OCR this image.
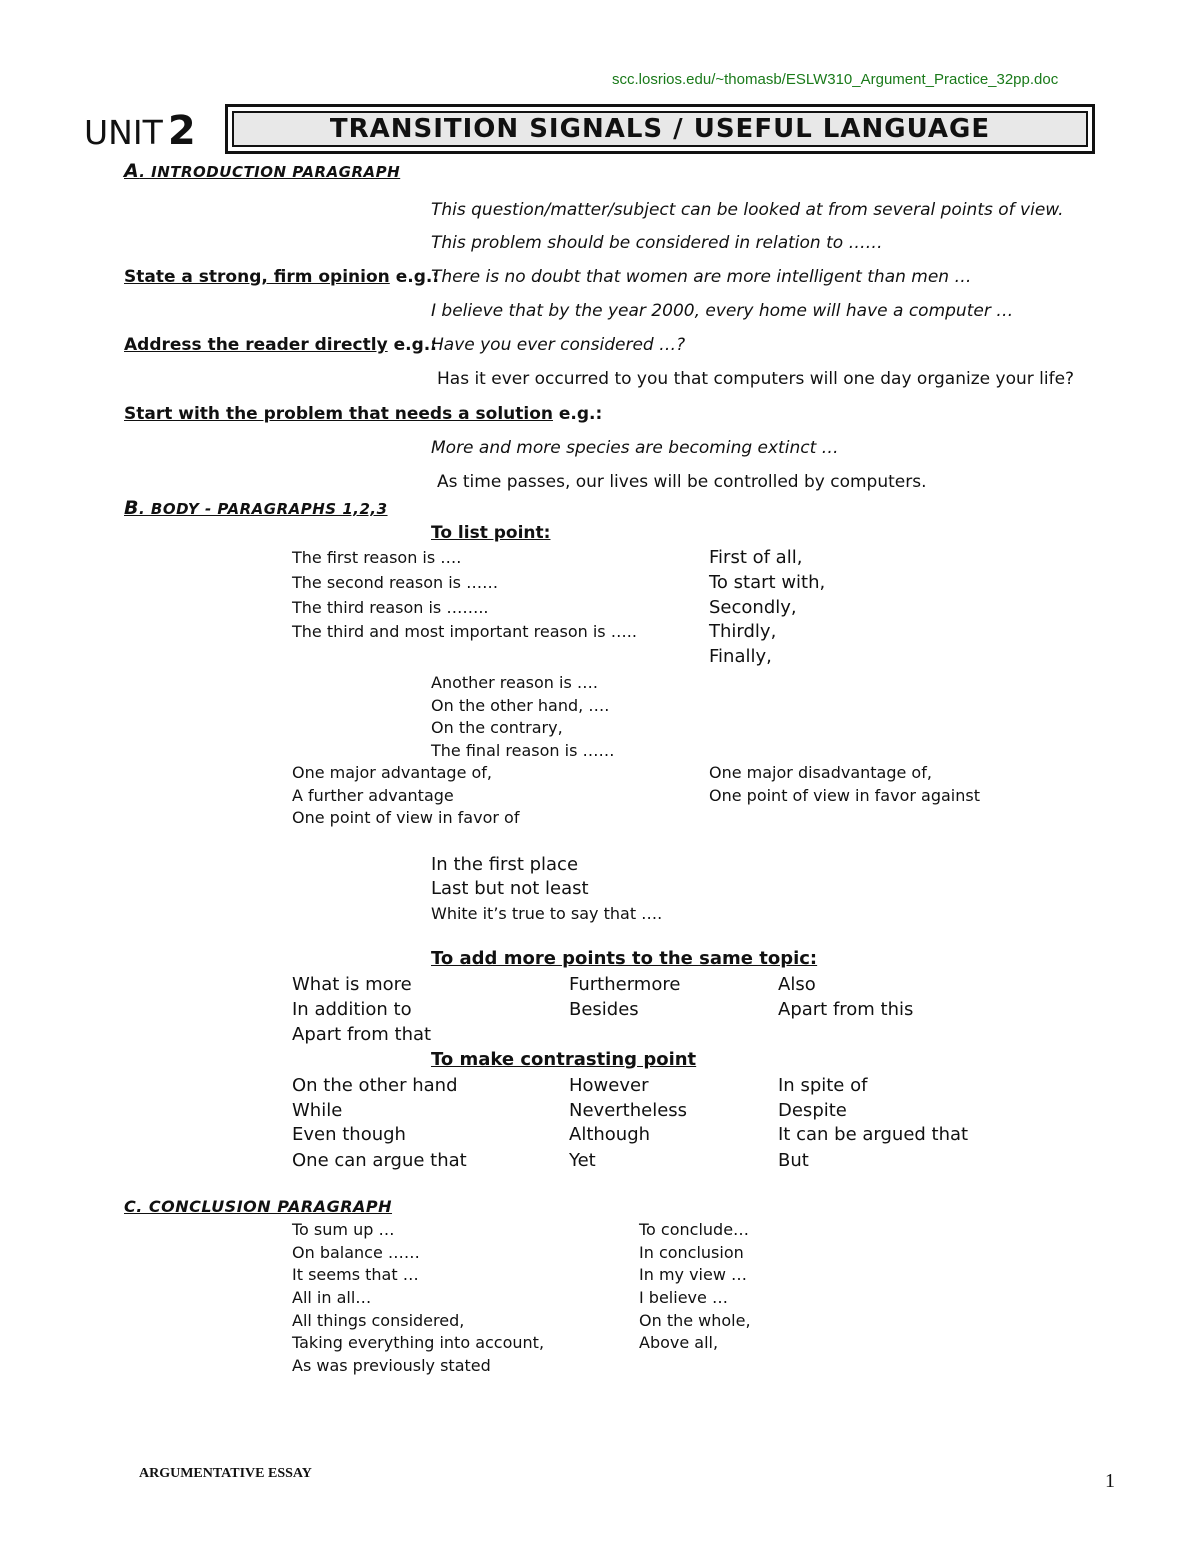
scc.losrios.edu/~thomasb/ESLW310_Argument_Practice_32pp.doc
UNIT 2	TRANSITION SIGNALS / USEFUL LANGUAGE
A. INTRODUCTION PARAGRAPH
This question/matter/subject can be looked at from several points of view.
This problem should be considered in relation to ……
State a strong, firm opinion e.g.:
There is no doubt that women are more intelligent than men …
I believe that by the year 2000, every home will have a computer …
Address the reader directly e.g.:
Have you ever considered …?
Has it ever occurred to you that computers will one day organize your life?
Start with the problem that needs a solution e.g.:
More and more species are becoming extinct …
As time passes, our lives will be controlled by computers.
B. BODY - PARAGRAPHS 1,2,3
To list point:
The first reason is ….
The second reason is ……
The third reason is ……..
The third and most important reason is …..
First of all,
To start with,
Secondly,
Thirdly,
Finally,
Another reason is ….
On the other hand, ….
On the contrary,
The final reason is ……
One major advantage of,
A further advantage
One point of view in favor of
One major disadvantage of,
One point of view in favor against
In the first place
Last but not least
White it’s true to say that ….
To add more points to the same topic:
What is more
In addition to
Apart from that
Furthermore
Besides
Also
Apart from this
To make contrasting point
On the other hand
While
Even though
One can argue that
However
Nevertheless
Although
Yet
In spite of
Despite
It can be argued that
But
C. CONCLUSION PARAGRAPH
To sum up …
On balance ……
It seems that …
All in all…
All things considered,
Taking everything into account,
As was previously stated
To conclude…
In conclusion
In my view …
I believe …
On the whole,
Above all,
ARGUMENTATIVE ESSAY	1
